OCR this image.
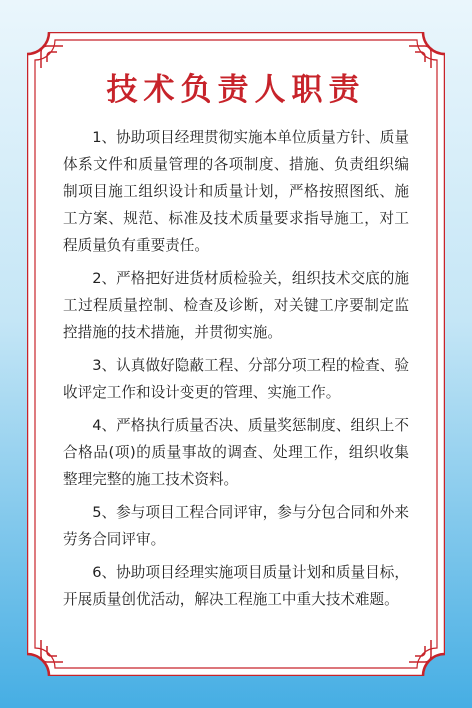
技术负责人职责

1、协助项目经理贯彻实施本单位质量方针、质量体系文件和质量管理的各项制度、措施、负责组织编制项目施工组织设计和质量计划，严格按照图纸、施工方案、规范、标准及技术质量要求指导施工，对工程质量负有重要责任。

2、严格把好进货材质检验关，组织技术交底的施工过程质量控制、检查及诊断，对关键工序要制定监控措施的技术措施，并贯彻实施。

3、认真做好隐蔽工程、分部分项工程的检查、验收评定工作和设计变更的管理、实施工作。

4、严格执行质量否决、质量奖惩制度、组织上不合格品(项)的质量事故的调查、处理工作，组织收集整理完整的施工技术资料。

5、参与项目工程合同评审，参与分包合同和外来劳务合同评审。

6、协助项目经理实施项目质量计划和质量目标，开展质量创优活动，解决工程施工中重大技术难题。
